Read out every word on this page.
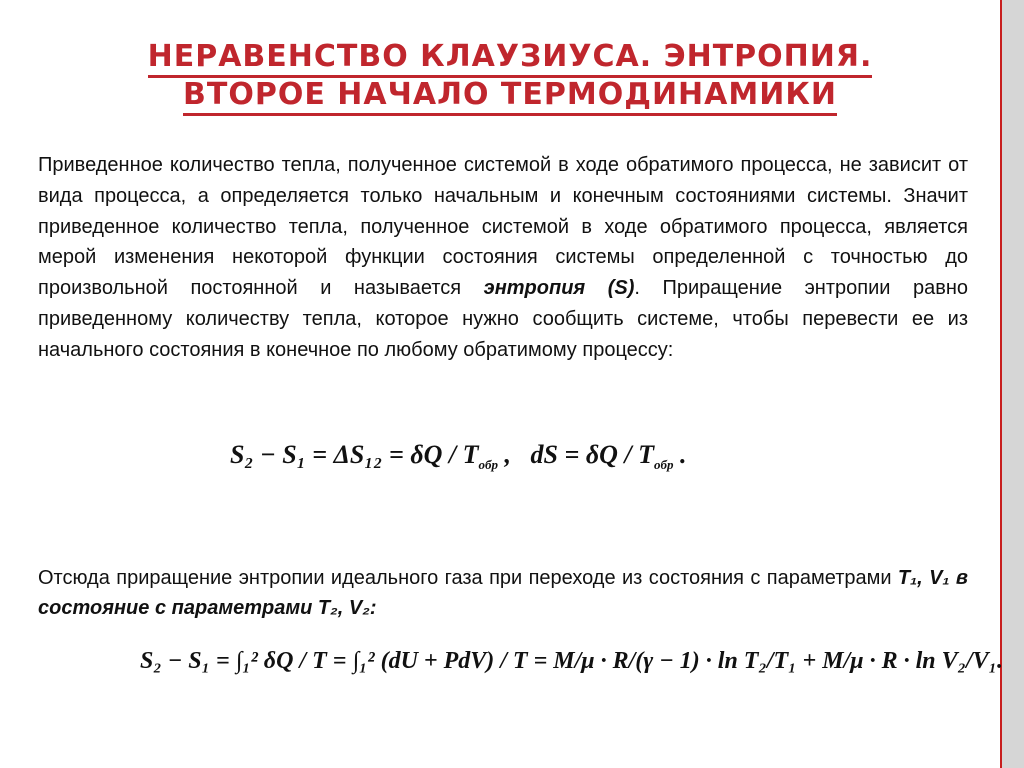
НЕРАВЕНСТВО КЛАУЗИУСА. ЭНТРОПИЯ.
ВТОРОЕ НАЧАЛО ТЕРМОДИНАМИКИ
Приведенное количество тепла, полученное системой в ходе обратимого процесса, не зависит от вида процесса, а определяется только начальным и конечным состояниями системы. Значит приведенное количество тепла, полученное системой в ходе обратимого процесса, является мерой изменения некоторой функции состояния системы определенной с точностью до произвольной постоянной и называется энтропия (S). Приращение энтропии равно приведенному количеству тепла, которое нужно сообщить системе, чтобы перевести ее из начального состояния в конечное по любому обратимому процессу:
$S_2 - S_1 = \Delta S_{12} = \delta Q / T_{обр}$ , dS = δQ / $T_{обр}$ .
Отсюда приращение энтропии идеального газа при переходе из состояния с параметрами T₁, V₁ в состояние с параметрами T₂, V₂:
S₂ − S₁ = ∫₁² δQ / T = ∫₁² (dU + PdV) / T = M/μ · R/(γ − 1) · ln T₂/T₁ + M/μ · R · ln V₂/V₁.
